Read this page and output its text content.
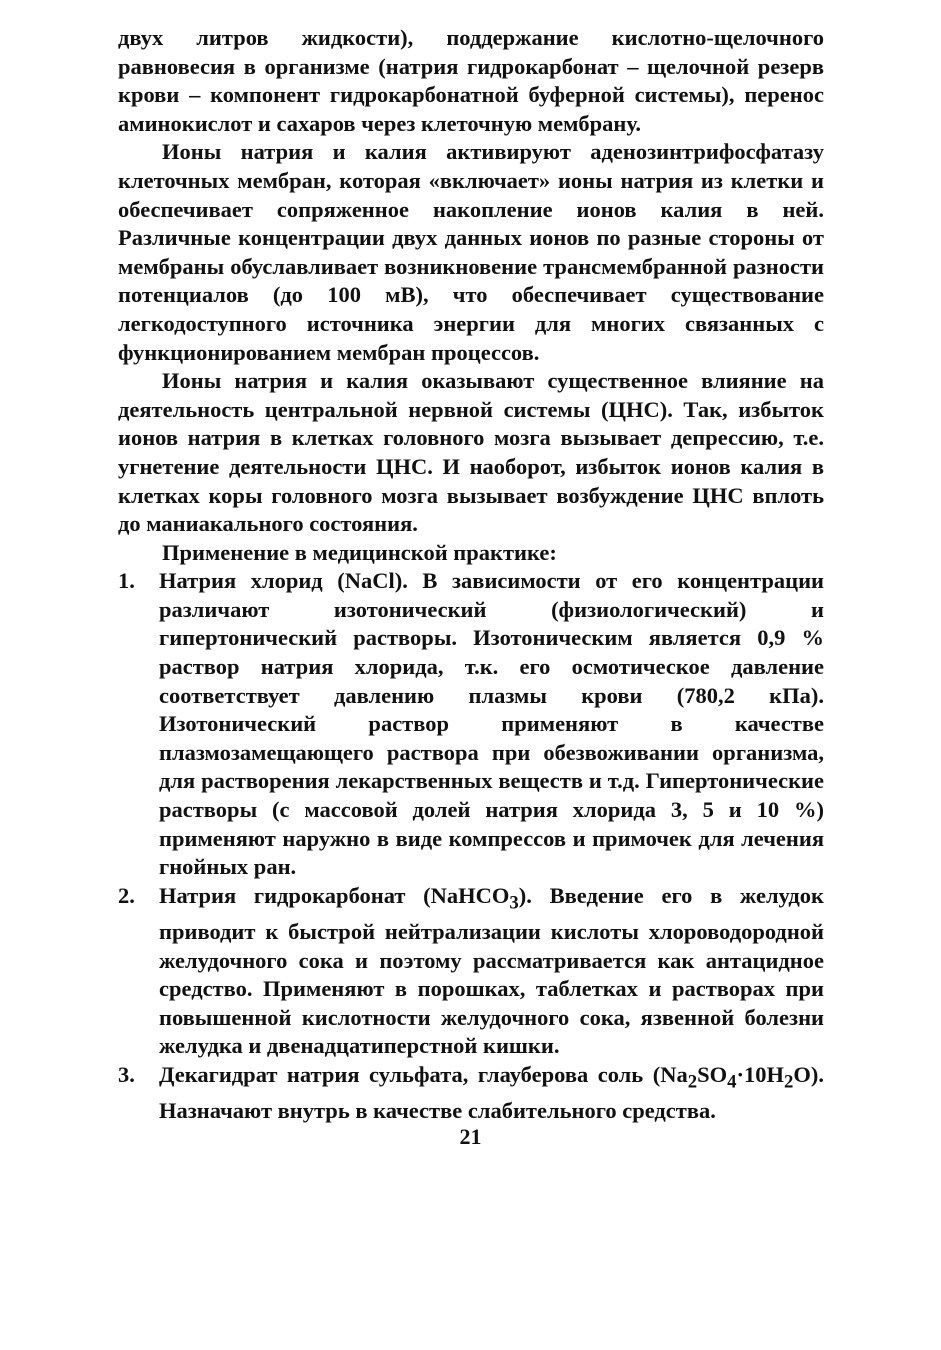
двух литров жидкости), поддержание кислотно-щелочного равновесия в организме (натрия гидрокарбонат – щелочной резерв крови – компонент гидрокарбонатной буферной системы), перенос аминокислот и сахаров через клеточную мембрану.

Ионы натрия и калия активируют аденозинтрифосфатазу клеточных мембран, которая «включает» ионы натрия из клетки и обеспечивает сопряженное накопление ионов калия в ней. Различные концентрации двух данных ионов по разные стороны от мембраны обуславливает возникновение трансмембранной разности потенциалов (до 100 мВ), что обеспечивает существование легкодоступного источника энергии для многих связанных с функционированием мембран процессов.

Ионы натрия и калия оказывают существенное влияние на деятельность центральной нервной системы (ЦНС). Так, избыток ионов натрия в клетках головного мозга вызывает депрессию, т.е. угнетение деятельности ЦНС. И наоборот, избыток ионов калия в клетках коры головного мозга вызывает возбуждение ЦНС вплоть до маниакального состояния.

Применение в медицинской практике:

1. Натрия хлорид (NaCl). В зависимости от его концентрации различают изотонический (физиологический) и гипертонический растворы. Изотоническим является 0,9 % раствор натрия хлорида, т.к. его осмотическое давление соответствует давлению плазмы крови (780,2 кПа). Изотонический раствор применяют в качестве плазмозамещающего раствора при обезвоживании организма, для растворения лекарственных веществ и т.д. Гипертонические растворы (с массовой долей натрия хлорида 3, 5 и 10 %) применяют наружно в виде компрессов и примочек для лечения гнойных ран.
2. Натрия гидрокарбонат (NaHCO$_3$). Введение его в желудок приводит к быстрой нейтрализации кислоты хлороводородной желудочного сока и поэтому рассматривается как антацидное средство. Применяют в порошках, таблетках и растворах при повышенной кислотности желудочного сока, язвенной болезни желудка и двенадцатиперстной кишки.
3. Декагидрат натрия сульфата, глауберова соль $(Na_2SO_4\cdot 10H_2O)$. Назначают внутрь в качестве слабительного средства.
21
